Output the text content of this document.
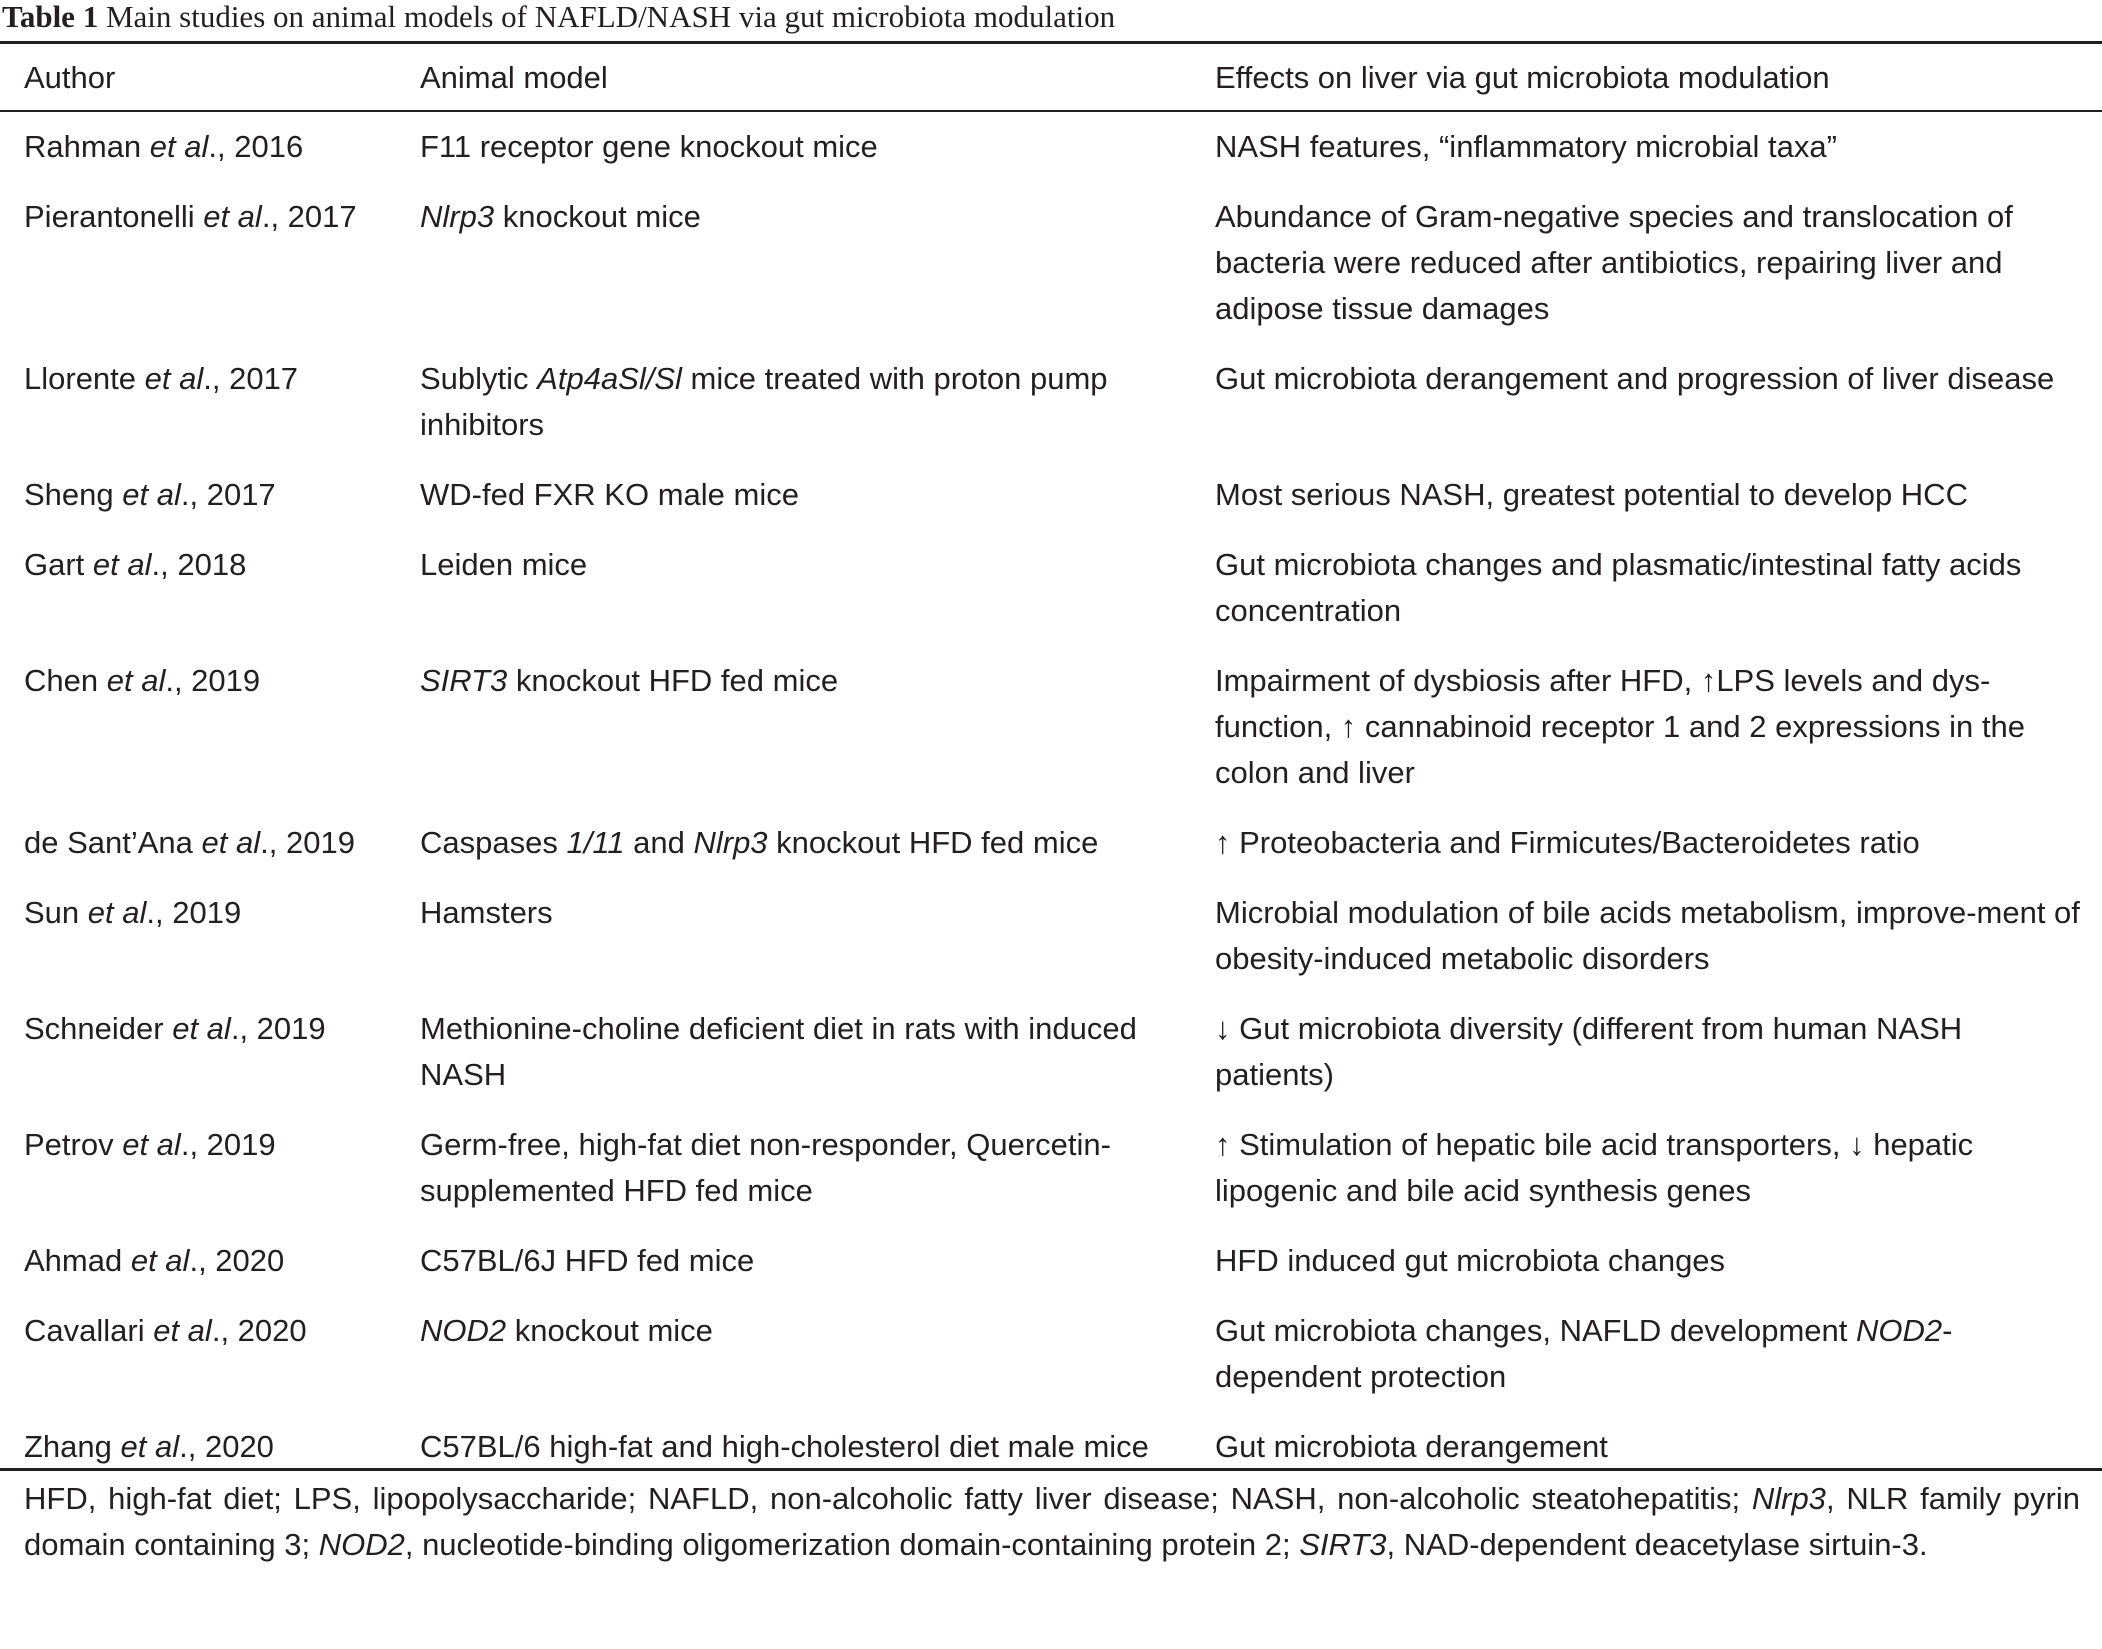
Table 1 Main studies on animal models of NAFLD/NASH via gut microbiota modulation
Author	Animal model	Effects on liver via gut microbiota modulation
Rahman et al., 2016	F11 receptor gene knockout mice	NASH features, “inflammatory microbial taxa”
Pierantonelli et al., 2017	Nlrp3 knockout mice	Abundance of Gram-negative species and translocation of bacteria were reduced after antibiotics, repairing liver and adipose tissue damages
Llorente et al., 2017	Sublytic Atp4aSl/Sl mice treated with proton pump inhibitors	Gut microbiota derangement and progression of liver disease
Sheng et al., 2017	WD-fed FXR KO male mice	Most serious NASH, greatest potential to develop HCC
Gart et al., 2018	Leiden mice	Gut microbiota changes and plasmatic/intestinal fatty acids concentration
Chen et al., 2019	SIRT3 knockout HFD fed mice	Impairment of dysbiosis after HFD, ↑LPS levels and dys-function, ↑ cannabinoid receptor 1 and 2 expressions in the colon and liver
de Sant’Ana et al., 2019	Caspases 1/11 and Nlrp3 knockout HFD fed mice	↑ Proteobacteria and Firmicutes/Bacteroidetes ratio
Sun et al., 2019	Hamsters	Microbial modulation of bile acids metabolism, improve-ment of obesity-induced metabolic disorders
Schneider et al., 2019	Methionine-choline deficient diet in rats with induced NASH	↓ Gut microbiota diversity (different from human NASH patients)
Petrov et al., 2019	Germ-free, high-fat diet non-responder, Quercetin-supplemented HFD fed mice	↑ Stimulation of hepatic bile acid transporters, ↓ hepatic lipogenic and bile acid synthesis genes
Ahmad et al., 2020	C57BL/6J HFD fed mice	HFD induced gut microbiota changes
Cavallari et al., 2020	NOD2 knockout mice	Gut microbiota changes, NAFLD development NOD2-dependent protection
Zhang et al., 2020	C57BL/6 high-fat and high-cholesterol diet male mice	Gut microbiota derangement
HFD, high-fat diet; LPS, lipopolysaccharide; NAFLD, non-alcoholic fatty liver disease; NASH, non-alcoholic steatohepatitis; Nlrp3, NLR family pyrin domain containing 3; NOD2, nucleotide-binding oligomerization domain-containing protein 2; SIRT3, NAD-dependent deacetylase sirtuin-3.
